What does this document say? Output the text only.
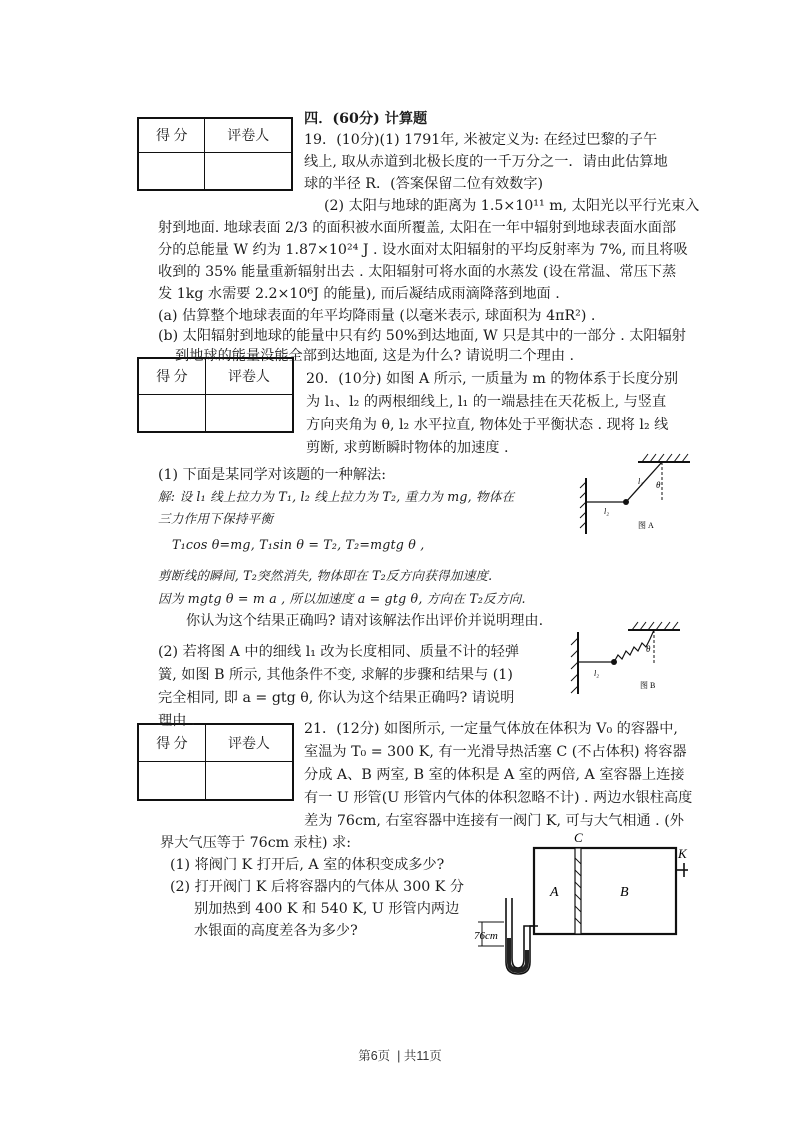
得 分	评卷人

得 分	评卷人

得 分	评卷人

四．(60分) 计算题
19．(10分)(1) 1791年, 米被定义为: 在经过巴黎的子午
线上, 取从赤道到北极长度的一千万分之一．请由此估算地
球的半径 R．(答案保留二位有效数字)
(2) 太阳与地球的距离为 1.5×10¹¹ m, 太阳光以平行光束入
射到地面. 地球表面 2/3 的面积被水面所覆盖, 太阳在一年中辐射到地球表面水面部
分的总能量 W 约为 1.87×10²⁴ J . 设水面对太阳辐射的平均反射率为 7%, 而且将吸
收到的 35% 能量重新辐射出去 . 太阳辐射可将水面的水蒸发 (设在常温、常压下蒸
发 1kg 水需要 2.2×10⁶J 的能量), 而后凝结成雨滴降落到地面 .
(a) 估算整个地球表面的年平均降雨量 (以毫米表示, 球面积为 4πR²) .
(b) 太阳辐射到地球的能量中只有约 50%到达地面, W 只是其中的一部分 . 太阳辐射
到地球的能量没能全部到达地面, 这是为什么? 请说明二个理由 .
20．(10分) 如图 A 所示, 一质量为 m 的物体系于长度分别
为 l₁、l₂ 的两根细线上, l₁ 的一端悬挂在天花板上, 与竖直
方向夹角为 θ, l₂ 水平拉直, 物体处于平衡状态 . 现将 l₂ 线
剪断, 求剪断瞬时物体的加速度 .
(1) 下面是某同学对该题的一种解法:
解: 设 l₁ 线上拉力为 T₁, l₂ 线上拉力为 T₂, 重力为 mg, 物体在
三力作用下保持平衡
T₁cos θ=mg, T₁sin θ = T₂, T₂=mgtg θ ,
剪断线的瞬间, T₂突然消失, 物体即在 T₂反方向获得加速度.
因为 mgtg θ = m a , 所以加速度 a = gtg θ, 方向在 T₂反方向.
你认为这个结果正确吗? 请对该解法作出评价并说明理由.
(2) 若将图 A 中的细线 l₁ 改为长度相同、质量不计的轻弹
簧, 如图 B 所示, 其他条件不变, 求解的步骤和结果与 (1)
完全相同, 即 a = gtg θ, 你认为这个结果正确吗? 请说明
理由 .
θ
l₁
l₂
图 A
θ
l₂
图 B
21．(12分) 如图所示, 一定量气体放在体积为 V₀ 的容器中,
室温为 T₀ = 300 K, 有一光滑导热活塞 C (不占体积) 将容器
分成 A、B 两室, B 室的体积是 A 室的两倍, A 室容器上连接
有一 U 形管(U 形管内气体的体积忽略不计) . 两边水银柱高度
差为 76cm, 右室容器中连接有一阀门 K, 可与大气相通 . (外
界大气压等于 76cm 汞柱) 求:
(1) 将阀门 K 打开后, A 室的体积变成多少?
(2) 打开阀门 K 后将容器内的气体从 300 K 分
别加热到 400 K 和 540 K, U 形管内两边
水银面的高度差各为多少?
C
A	B
K
76cm
第6页 | 共11页
